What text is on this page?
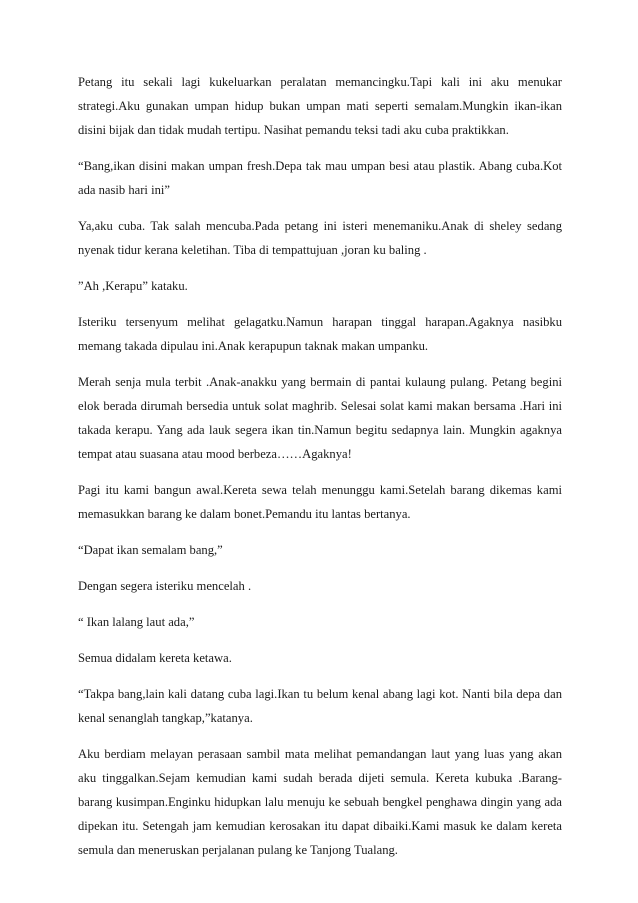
Petang itu sekali lagi kukeluarkan peralatan memancingku.Tapi kali ini aku menukar strategi.Aku gunakan umpan hidup bukan umpan mati seperti semalam.Mungkin ikan-ikan disini bijak dan tidak mudah tertipu. Nasihat pemandu teksi tadi aku cuba praktikkan.

“Bang,ikan disini makan umpan fresh.Depa tak mau umpan besi atau plastik. Abang cuba.Kot ada nasib hari ini”

Ya,aku cuba. Tak salah mencuba.Pada petang ini isteri menemaniku.Anak di sheley sedang nyenak tidur kerana keletihan. Tiba di tempattujuan ,joran ku baling .

”Ah ,Kerapu” kataku.

Isteriku tersenyum melihat gelagatku.Namun harapan tinggal harapan.Agaknya nasibku memang takada dipulau ini.Anak kerapupun taknak makan umpanku.

Merah senja mula terbit .Anak-anakku yang bermain di pantai kulaung pulang. Petang begini elok berada dirumah bersedia untuk solat maghrib. Selesai solat kami makan bersama .Hari ini takada kerapu. Yang ada lauk segera ikan tin.Namun begitu sedapnya lain. Mungkin agaknya tempat atau suasana atau mood berbeza……Agaknya!

Pagi itu kami bangun awal.Kereta sewa telah menunggu kami.Setelah barang dikemas kami memasukkan barang ke dalam bonet.Pemandu itu lantas bertanya.

“Dapat ikan semalam bang,”

Dengan segera isteriku mencelah .

“ Ikan lalang laut ada,”

Semua didalam kereta ketawa.

“Takpa bang,lain kali datang cuba lagi.Ikan tu belum kenal abang lagi kot. Nanti bila depa dan kenal senanglah tangkap,”katanya.

Aku berdiam melayan perasaan sambil mata melihat pemandangan laut yang luas yang akan aku tinggalkan.Sejam kemudian kami sudah berada dijeti semula. Kereta kubuka .Barang-barang kusimpan.Enginku hidupkan lalu menuju ke sebuah bengkel penghawa dingin yang ada dipekan itu. Setengah jam kemudian kerosakan itu dapat dibaiki.Kami masuk ke dalam kereta semula dan meneruskan perjalanan pulang ke Tanjong Tualang.
